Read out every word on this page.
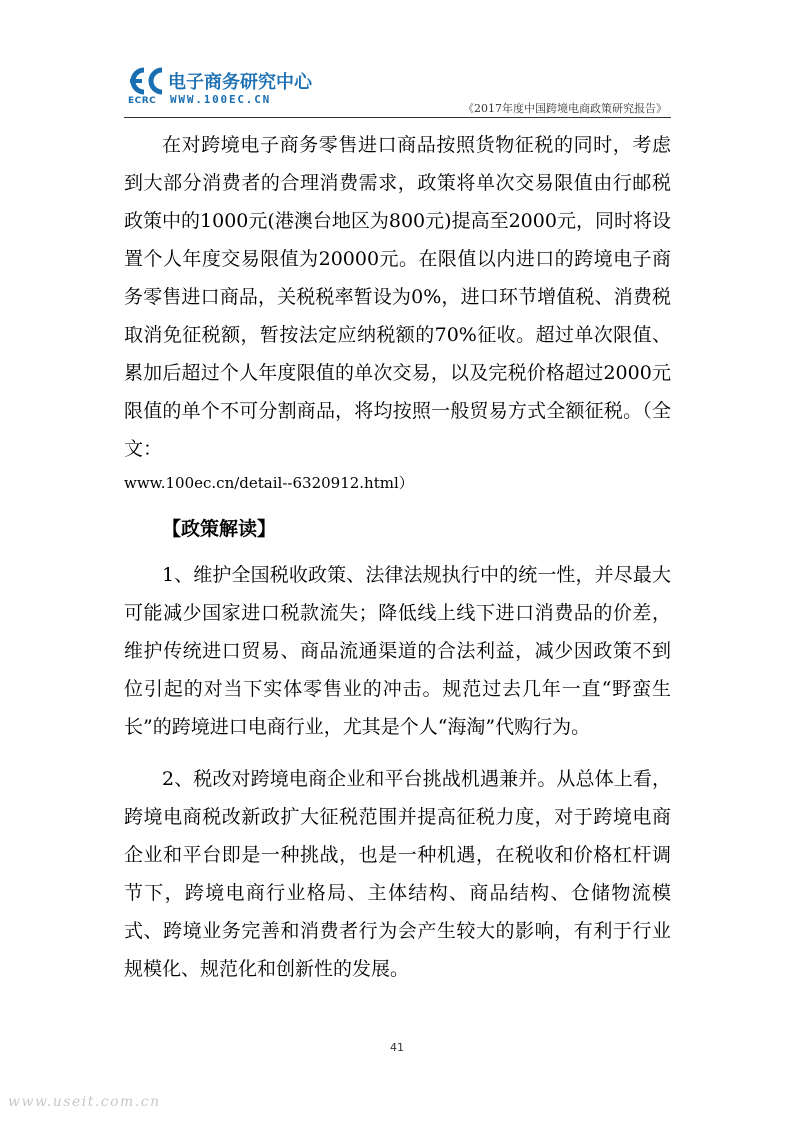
ECRC
电子商务研究中心
WWW.100EC.CN
《2017年度中国跨境电商政策研究报告》

在对跨境电子商务零售进口商品按照货物征税的同时，考虑到大部分消费者的合理消费需求，政策将单次交易限值由行邮税政策中的1000元(港澳台地区为800元)提高至2000元，同时将设置个人年度交易限值为20000元。在限值以内进口的跨境电子商务零售进口商品，关税税率暂设为0%，进口环节增值税、消费税取消免征税额，暂按法定应纳税额的70%征收。超过单次限值、累加后超过个人年度限值的单次交易，以及完税价格超过2000元限值的单个不可分割商品，将均按照一般贸易方式全额征税。（全文：

www.100ec.cn/detail--6320912.html）

【政策解读】

1、维护全国税收政策、法律法规执行中的统一性，并尽最大可能减少国家进口税款流失；降低线上线下进口消费品的价差，维护传统进口贸易、商品流通渠道的合法利益，减少因政策不到位引起的对当下实体零售业的冲击。规范过去几年一直“野蛮生长”的跨境进口电商行业，尤其是个人“海淘”代购行为。

2、税改对跨境电商企业和平台挑战机遇兼并。从总体上看，跨境电商税改新政扩大征税范围并提高征税力度，对于跨境电商企业和平台即是一种挑战，也是一种机遇，在税收和价格杠杆调节下，跨境电商行业格局、主体结构、商品结构、仓储物流模式、跨境业务完善和消费者行为会产生较大的影响，有利于行业规模化、规范化和创新性的发展。

41
www.useit.com.cn
